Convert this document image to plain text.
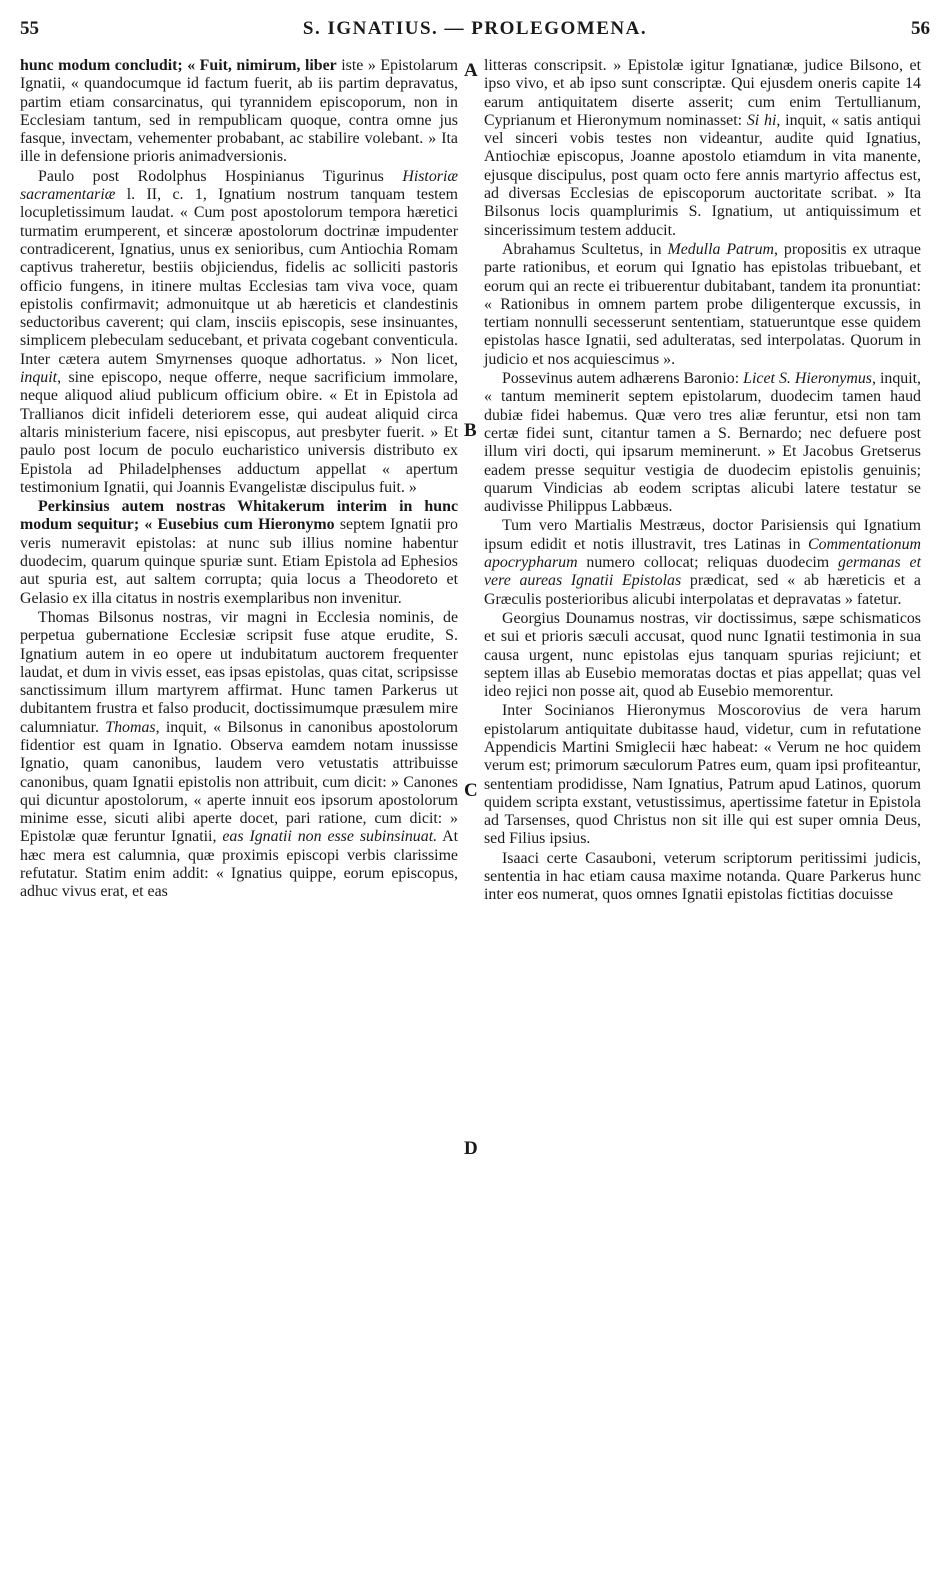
55	S. IGNATIUS. — PROLEGOMENA.	56
A
B
C
D

hunc modum concludit; « Fuit, nimirum, liber iste » Epistolarum Ignatii, « quandocumque id factum fuerit, ab iis partim depravatus, partim etiam consarcinatus, qui tyrannidem episcoporum, non in Ecclesiam tantum, sed in rempublicam quoque, contra omne jus fasque, invectam, vehementer probabant, ac stabilire volebant. » Ita ille in defensione prioris animadversionis.

Paulo post Rodolphus Hospinianus Tigurinus Historiæ sacramentariæ l. II, c. 1, Ignatium nostrum tanquam testem locupletissimum laudat. « Cum post apostolorum tempora hæretici turmatim erumperent, et sinceræ apostolorum doctrinæ impudenter contradicerent, Ignatius, unus ex senioribus, cum Antiochia Romam captivus traheretur, bestiis objiciendus, fidelis ac solliciti pastoris officio fungens, in itinere multas Ecclesias tam viva voce, quam epistolis confirmavit; admonuitque ut ab hæreticis et clandestinis seductoribus caverent; qui clam, insciis episcopis, sese insinuantes, simplicem plebeculam seducebant, et privata cogebant conventicula. Inter cætera autem Smyrnenses quoque adhortatus. » Non licet, inquit, sine episcopo, neque offerre, neque sacrificium immolare, neque aliquod aliud publicum officium obire. « Et in Epistola ad Trallianos dicit infideli deteriorem esse, qui audeat aliquid circa altaris ministerium facere, nisi episcopus, aut presbyter fuerit. » Et paulo post locum de poculo eucharistico universis distributo ex Epistola ad Philadelphenses adductum appellat « apertum testimonium Ignatii, qui Joannis Evangelistæ discipulus fuit. »

Perkinsius autem nostras Whitakerum interim in hunc modum sequitur; « Eusebius cum Hieronymo septem Ignatii pro veris numeravit epistolas: at nunc sub illius nomine habentur duodecim, quarum quinque spuriæ sunt. Etiam Epistola ad Ephesios aut spuria est, aut saltem corrupta; quia locus a Theodoreto et Gelasio ex illa citatus in nostris exemplaribus non invenitur.

Thomas Bilsonus nostras, vir magni in Ecclesia nominis, de perpetua gubernatione Ecclesiæ scripsit fuse atque erudite, S. Ignatium autem in eo opere ut indubitatum auctorem frequenter laudat, et dum in vivis esset, eas ipsas epistolas, quas citat, scripsisse sanctissimum illum martyrem affirmat. Hunc tamen Parkerus ut dubitantem frustra et falso producit, doctissimumque præsulem mire calumniatur. Thomas, inquit, « Bilsonus in canonibus apostolorum fidentior est quam in Ignatio. Observa eamdem notam inussisse Ignatio, quam canonibus, laudem vero vetustatis attribuisse canonibus, quam Ignatii epistolis non attribuit, cum dicit: » Canones qui dicuntur apostolorum, « aperte innuit eos ipsorum apostolorum minime esse, sicuti alibi aperte docet, pari ratione, cum dicit: » Epistolæ quæ feruntur Ignatii, eas Ignatii non esse subinsinuat. At hæc mera est calumnia, quæ proximis episcopi verbis clarissime refutatur. Statim enim addit: « Ignatius quippe, eorum episcopus, adhuc vivus erat, et eas

litteras conscripsit. » Epistolæ igitur Ignatianæ, judice Bilsono, et ipso vivo, et ab ipso sunt conscriptæ. Qui ejusdem oneris capite 14 earum antiquitatem diserte asserit; cum enim Tertullianum, Cyprianum et Hieronymum nominasset: Si hi, inquit, « satis antiqui vel sinceri vobis testes non videantur, audite quid Ignatius, Antiochiæ episcopus, Joanne apostolo etiamdum in vita manente, ejusque discipulus, post quam octo fere annis martyrio affectus est, ad diversas Ecclesias de episcoporum auctoritate scribat. » Ita Bilsonus locis quamplurimis S. Ignatium, ut antiquissimum et sincerissimum testem adducit.

Abrahamus Scultetus, in Medulla Patrum, propositis ex utraque parte rationibus, et eorum qui Ignatio has epistolas tribuebant, et eorum qui an recte ei tribuerentur dubitabant, tandem ita pronuntiat: « Rationibus in omnem partem probe diligenterque excussis, in tertiam nonnulli secesserunt sententiam, statueruntque esse quidem epistolas hasce Ignatii, sed adulteratas, sed interpolatas. Quorum in judicio et nos acquiescimus ».

Possevinus autem adhærens Baronio: Licet S. Hieronymus, inquit, « tantum meminerit septem epistolarum, duodecim tamen haud dubiæ fidei habemus. Quæ vero tres aliæ feruntur, etsi non tam certæ fidei sunt, citantur tamen a S. Bernardo; nec defuere post illum viri docti, qui ipsarum meminerunt. » Et Jacobus Gretserus eadem presse sequitur vestigia de duodecim epistolis genuinis; quarum Vindicias ab eodem scriptas alicubi latere testatur se audivisse Philippus Labbæus.

Tum vero Martialis Mestræus, doctor Parisiensis qui Ignatium ipsum edidit et notis illustravit, tres Latinas in Commentationum apocrypharum numero collocat; reliquas duodecim germanas et vere aureas Ignatii Epistolas prædicat, sed « ab hæreticis et a Græculis posterioribus alicubi interpolatas et depravatas » fatetur.

Georgius Dounamus nostras, vir doctissimus, sæpe schismaticos et sui et prioris sæculi accusat, quod nunc Ignatii testimonia in sua causa urgent, nunc epistolas ejus tanquam spurias rejiciunt; et septem illas ab Eusebio memoratas doctas et pias appellat; quas vel ideo rejici non posse ait, quod ab Eusebio memorentur.

Inter Socinianos Hieronymus Moscorovius de vera harum epistolarum antiquitate dubitasse haud, videtur, cum in refutatione Appendicis Martini Smiglecii hæc habeat: « Verum ne hoc quidem verum est; primorum sæculorum Patres eum, quam ipsi profiteantur, sententiam prodidisse, Nam Ignatius, Patrum apud Latinos, quorum quidem scripta exstant, vetustissimus, apertissime fatetur in Epistola ad Tarsenses, quod Christus non sit ille qui est super omnia Deus, sed Filius ipsius.

Isaaci certe Casauboni, veterum scriptorum peritissimi judicis, sententia in hac etiam causa maxime notanda. Quare Parkerus hunc inter eos numerat, quos omnes Ignatii epistolas fictitias docuisse
